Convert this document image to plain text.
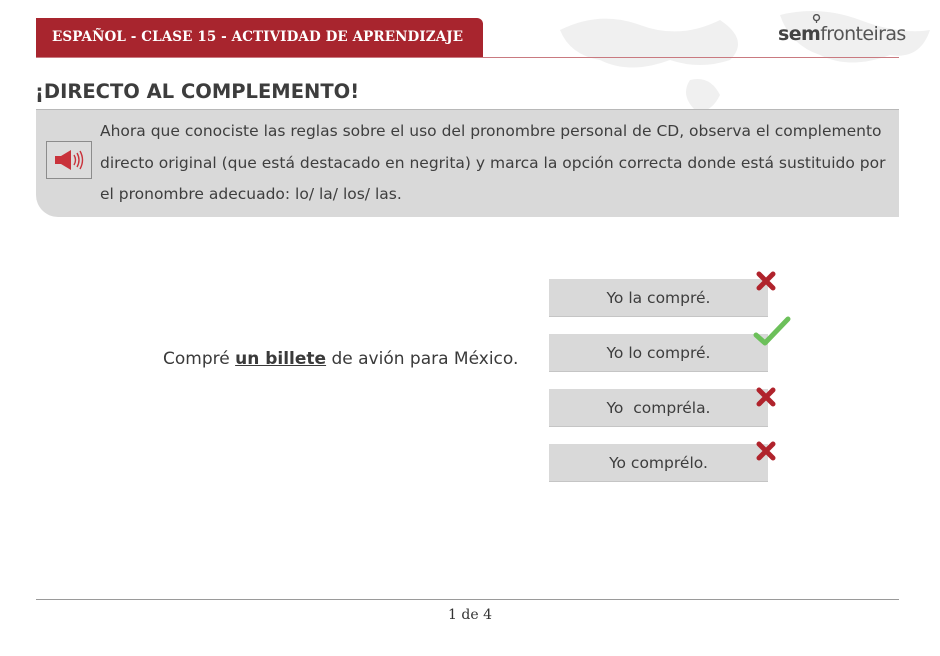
ESPAÑOL - CLASE 15 - ACTIVIDAD DE APRENDIZAJE	semfronteiras
¡DIRECTO AL COMPLEMENTO!
Ahora que conociste las reglas sobre el uso del pronombre personal de CD, observa el complemento directo original (que está destacado en negrita) y marca la opción correcta donde está sustituido por el pronombre adecuado: lo/ la/ los/ las.
Compré un billete de avión para México.
Yo la compré.
Yo lo compré.
Yo  compréla.
Yo comprélo.
1 de 4
